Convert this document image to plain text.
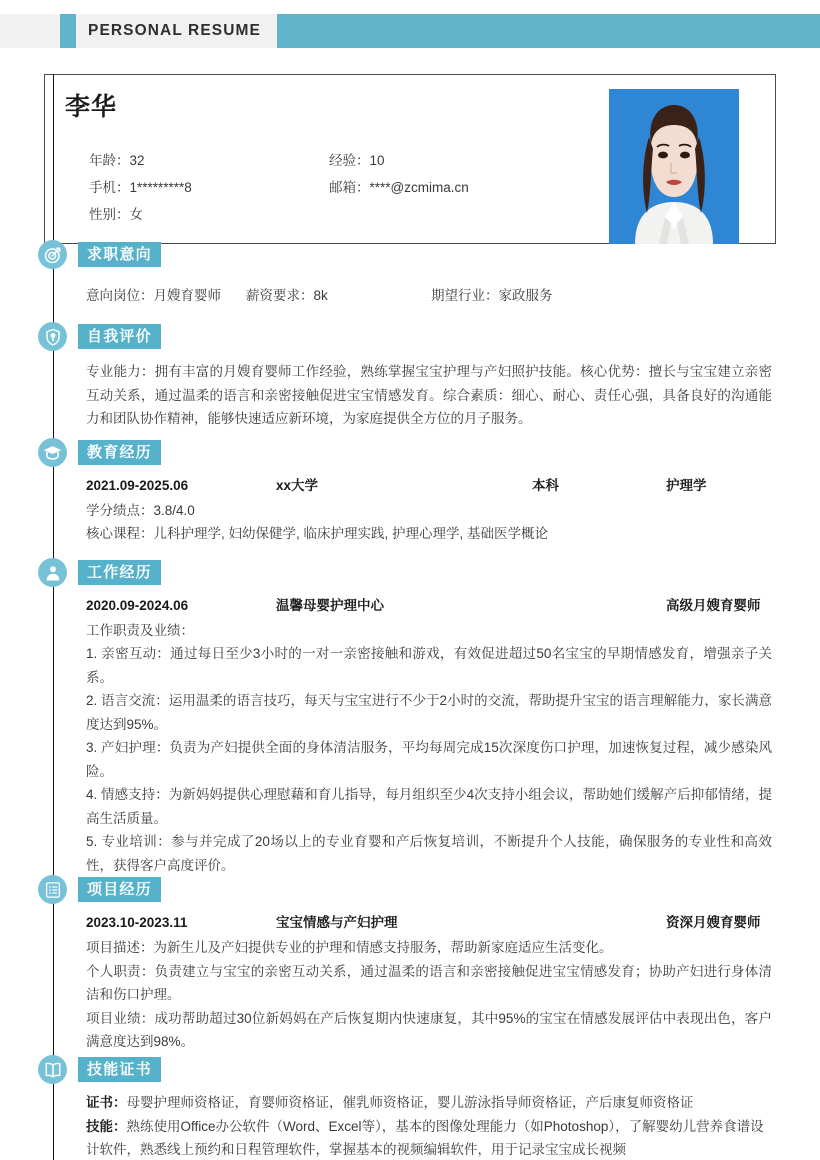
PERSONAL RESUME
李华
年龄：32	经验：10
手机：1*********8	邮箱：****@zcmima.cn
性别：女
求职意向
意向岗位：月嫂育婴师	薪资要求：8k	期望行业：家政服务
自我评价
专业能力：拥有丰富的月嫂育婴师工作经验，熟练掌握宝宝护理与产妇照护技能。核心优势：擅长与宝宝建立亲密互动关系，通过温柔的语言和亲密接触促进宝宝情感发育。综合素质：细心、耐心、责任心强，具备良好的沟通能力和团队协作精神，能够快速适应新环境，为家庭提供全方位的月子服务。
教育经历
2021.09-2025.06	xx大学	本科	护理学
学分绩点：3.8/4.0
核心课程：儿科护理学, 妇幼保健学, 临床护理实践, 护理心理学, 基础医学概论
工作经历
2020.09-2024.06	温馨母婴护理中心	高级月嫂育婴师
工作职责及业绩：
1. 亲密互动：通过每日至少3小时的一对一亲密接触和游戏，有效促进超过50名宝宝的早期情感发育，增强亲子关系。
2. 语言交流：运用温柔的语言技巧，每天与宝宝进行不少于2小时的交流，帮助提升宝宝的语言理解能力，家长满意度达到95%。
3. 产妇护理：负责为产妇提供全面的身体清洁服务，平均每周完成15次深度伤口护理，加速恢复过程，减少感染风险。
4. 情感支持：为新妈妈提供心理慰藉和育儿指导，每月组织至少4次支持小组会议，帮助她们缓解产后抑郁情绪，提高生活质量。
5. 专业培训：参与并完成了20场以上的专业育婴和产后恢复培训，不断提升个人技能，确保服务的专业性和高效性，获得客户高度评价。
项目经历
2023.10-2023.11	宝宝情感与产妇护理	资深月嫂育婴师
项目描述：为新生儿及产妇提供专业的护理和情感支持服务，帮助新家庭适应生活变化。
个人职责：负责建立与宝宝的亲密互动关系，通过温柔的语言和亲密接触促进宝宝情感发育；协助产妇进行身体清洁和伤口护理。
项目业绩：成功帮助超过30位新妈妈在产后恢复期内快速康复，其中95%的宝宝在情感发展评估中表现出色，客户满意度达到98%。
技能证书
证书：母婴护理师资格证，育婴师资格证，催乳师资格证，婴儿游泳指导师资格证，产后康复师资格证
技能：熟练使用Office办公软件（Word、Excel等），基本的图像处理能力（如Photoshop），了解婴幼儿营养食谱设计软件，熟悉线上预约和日程管理软件，掌握基本的视频编辑软件，用于记录宝宝成长视频
